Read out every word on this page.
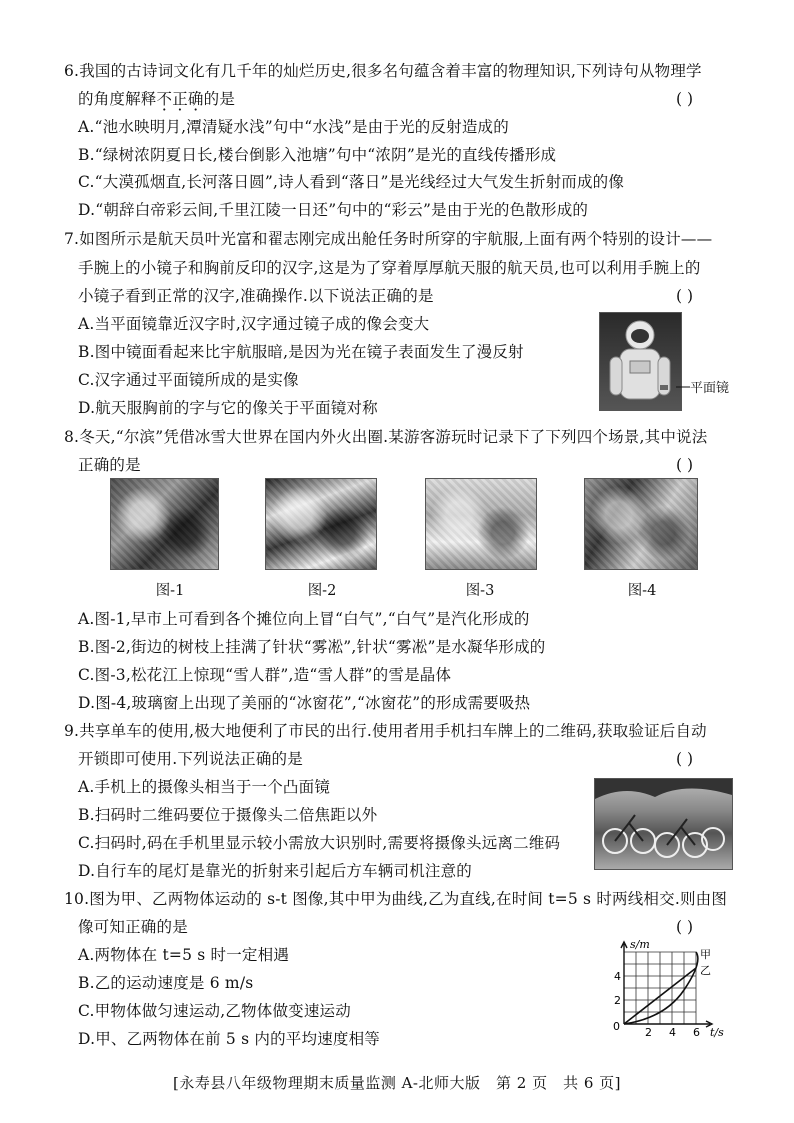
6.我国的古诗词文化有几千年的灿烂历史,很多名句蕴含着丰富的物理知识,下列诗句从物理学
的角度解释不正确的是	( )
A.“池水映明月,潭清疑水浅”句中“水浅”是由于光的反射造成的
B.“绿树浓阴夏日长,楼台倒影入池塘”句中“浓阴”是光的直线传播形成
C.“大漠孤烟直,长河落日圆”,诗人看到“落日”是光线经过大气发生折射而成的像
D.“朝辞白帝彩云间,千里江陵一日还”句中的“彩云”是由于光的色散形成的
7.如图所示是航天员叶光富和翟志刚完成出舱任务时所穿的宇航服,上面有两个特别的设计——
手腕上的小镜子和胸前反印的汉字,这是为了穿着厚厚航天服的航天员,也可以利用手腕上的
小镜子看到正常的汉字,准确操作.以下说法正确的是	( )
A.当平面镜靠近汉字时,汉字通过镜子成的像会变大
B.图中镜面看起来比宇航服暗,是因为光在镜子表面发生了漫反射
C.汉字通过平面镜所成的是实像
D.航天服胸前的字与它的像关于平面镜对称
平面镜
8.冬天,“尔滨”凭借冰雪大世界在国内外火出圈.某游客游玩时记录下了下列四个场景,其中说法
正确的是	( )
图-1	图-2	图-3	图-4
A.图-1,早市上可看到各个摊位向上冒“白气”,“白气”是汽化形成的
B.图-2,街边的树枝上挂满了针状“雾凇”,针状“雾凇”是水凝华形成的
C.图-3,松花江上惊现“雪人群”,造“雪人群”的雪是晶体
D.图-4,玻璃窗上出现了美丽的“冰窗花”,“冰窗花”的形成需要吸热
9.共享单车的使用,极大地便利了市民的出行.使用者用手机扫车牌上的二维码,获取验证后自动
开锁即可使用.下列说法正确的是	( )
A.手机上的摄像头相当于一个凸面镜
B.扫码时二维码要位于摄像头二倍焦距以外
C.扫码时,码在手机里显示较小需放大识别时,需要将摄像头远离二维码
D.自行车的尾灯是靠光的折射来引起后方车辆司机注意的
10.图为甲、乙两物体运动的 s-t 图像,其中甲为曲线,乙为直线,在时间 t=5 s 时两线相交.则由图
像可知正确的是	( )
A.两物体在 t=5 s 时一定相遇
B.乙的运动速度是 6 m/s
C.甲物体做匀速运动,乙物体做变速运动
D.甲、乙两物体在前 5 s 内的平均速度相等
s/m
t/s
0
2
4
2 4 6
甲
乙
[永寿县八年级物理期末质量监测 A-北师大版　第 2 页　共 6 页]
